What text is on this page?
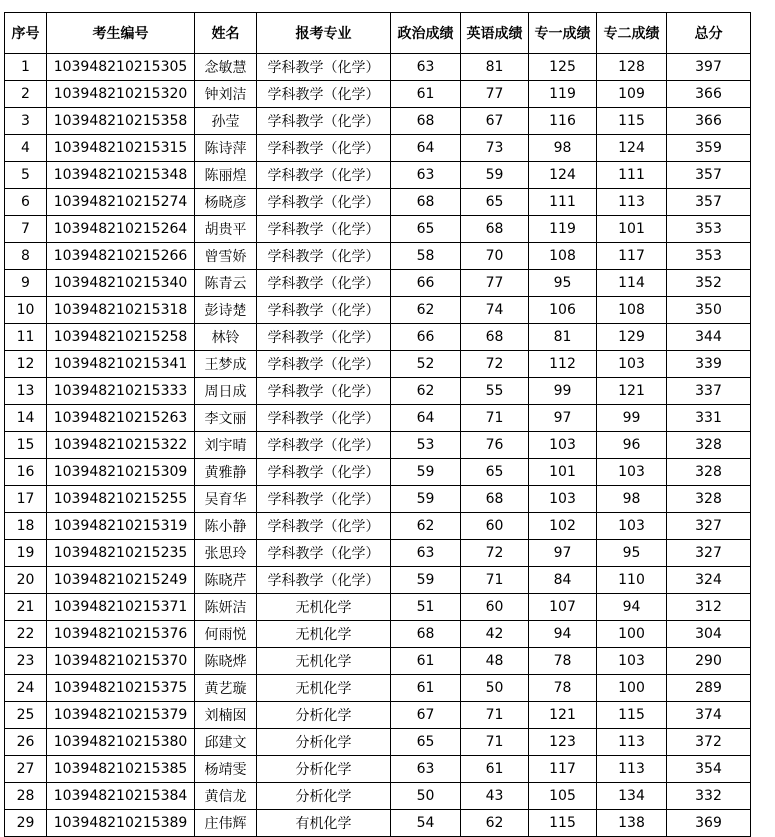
序号	考生编号	姓名	报考专业	政治成绩	英语成绩	专一成绩	专二成绩	总分
1	103948210215305	念敏慧	学科教学（化学）	63	81	125	128	397
2	103948210215320	钟刘洁	学科教学（化学）	61	77	119	109	366
3	103948210215358	孙莹	学科教学（化学）	68	67	116	115	366
4	103948210215315	陈诗萍	学科教学（化学）	64	73	98	124	359
5	103948210215348	陈丽煌	学科教学（化学）	63	59	124	111	357
6	103948210215274	杨晓彦	学科教学（化学）	68	65	111	113	357
7	103948210215264	胡贵平	学科教学（化学）	65	68	119	101	353
8	103948210215266	曾雪娇	学科教学（化学）	58	70	108	117	353
9	103948210215340	陈青云	学科教学（化学）	66	77	95	114	352
10	103948210215318	彭诗楚	学科教学（化学）	62	74	106	108	350
11	103948210215258	林铃	学科教学（化学）	66	68	81	129	344
12	103948210215341	王梦成	学科教学（化学）	52	72	112	103	339
13	103948210215333	周日成	学科教学（化学）	62	55	99	121	337
14	103948210215263	李文丽	学科教学（化学）	64	71	97	99	331
15	103948210215322	刘宇晴	学科教学（化学）	53	76	103	96	328
16	103948210215309	黄雅静	学科教学（化学）	59	65	101	103	328
17	103948210215255	吴育华	学科教学（化学）	59	68	103	98	328
18	103948210215319	陈小静	学科教学（化学）	62	60	102	103	327
19	103948210215235	张思玲	学科教学（化学）	63	72	97	95	327
20	103948210215249	陈晓芹	学科教学（化学）	59	71	84	110	324
21	103948210215371	陈妍洁	无机化学	51	60	107	94	312
22	103948210215376	何雨悦	无机化学	68	42	94	100	304
23	103948210215370	陈晓烨	无机化学	61	48	78	103	290
24	103948210215375	黄艺璇	无机化学	61	50	78	100	289
25	103948210215379	刘楠囡	分析化学	67	71	121	115	374
26	103948210215380	邱建文	分析化学	65	71	123	113	372
27	103948210215385	杨靖雯	分析化学	63	61	117	113	354
28	103948210215384	黄信龙	分析化学	50	43	105	134	332
29	103948210215389	庄伟辉	有机化学	54	62	115	138	369
